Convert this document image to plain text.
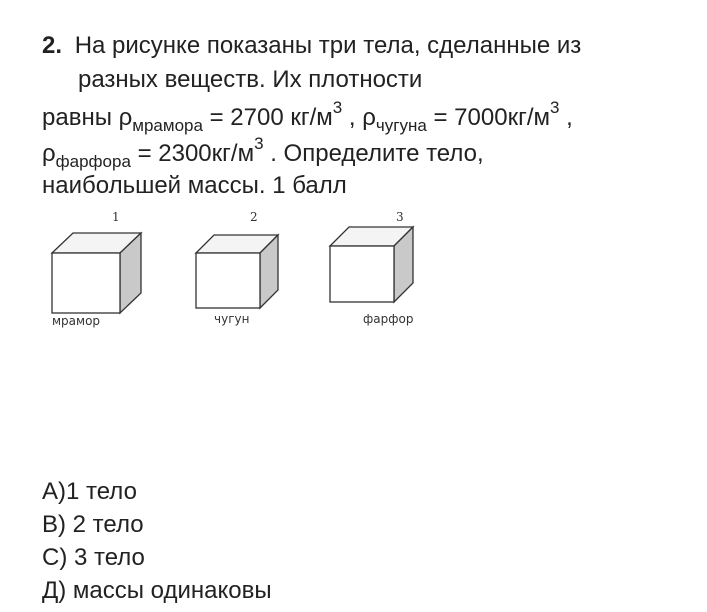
2. На рисунке показаны три тела, сделанные из
разных веществ. Их плотности
равны $\rho_{мрамора} = 2700$ $кг/м^3$ , $\rho_{чугуна} = 7000кг/м^3$ ,
$\rho_{фарфора} = 2300кг/м^3$ . Определите тело,
наибольшей массы. 1 балл
1
мрамор
2
чугун
3
фарфор
А)1 тело
В) 2 тело
С) 3 тело
Д) массы одинаковы
